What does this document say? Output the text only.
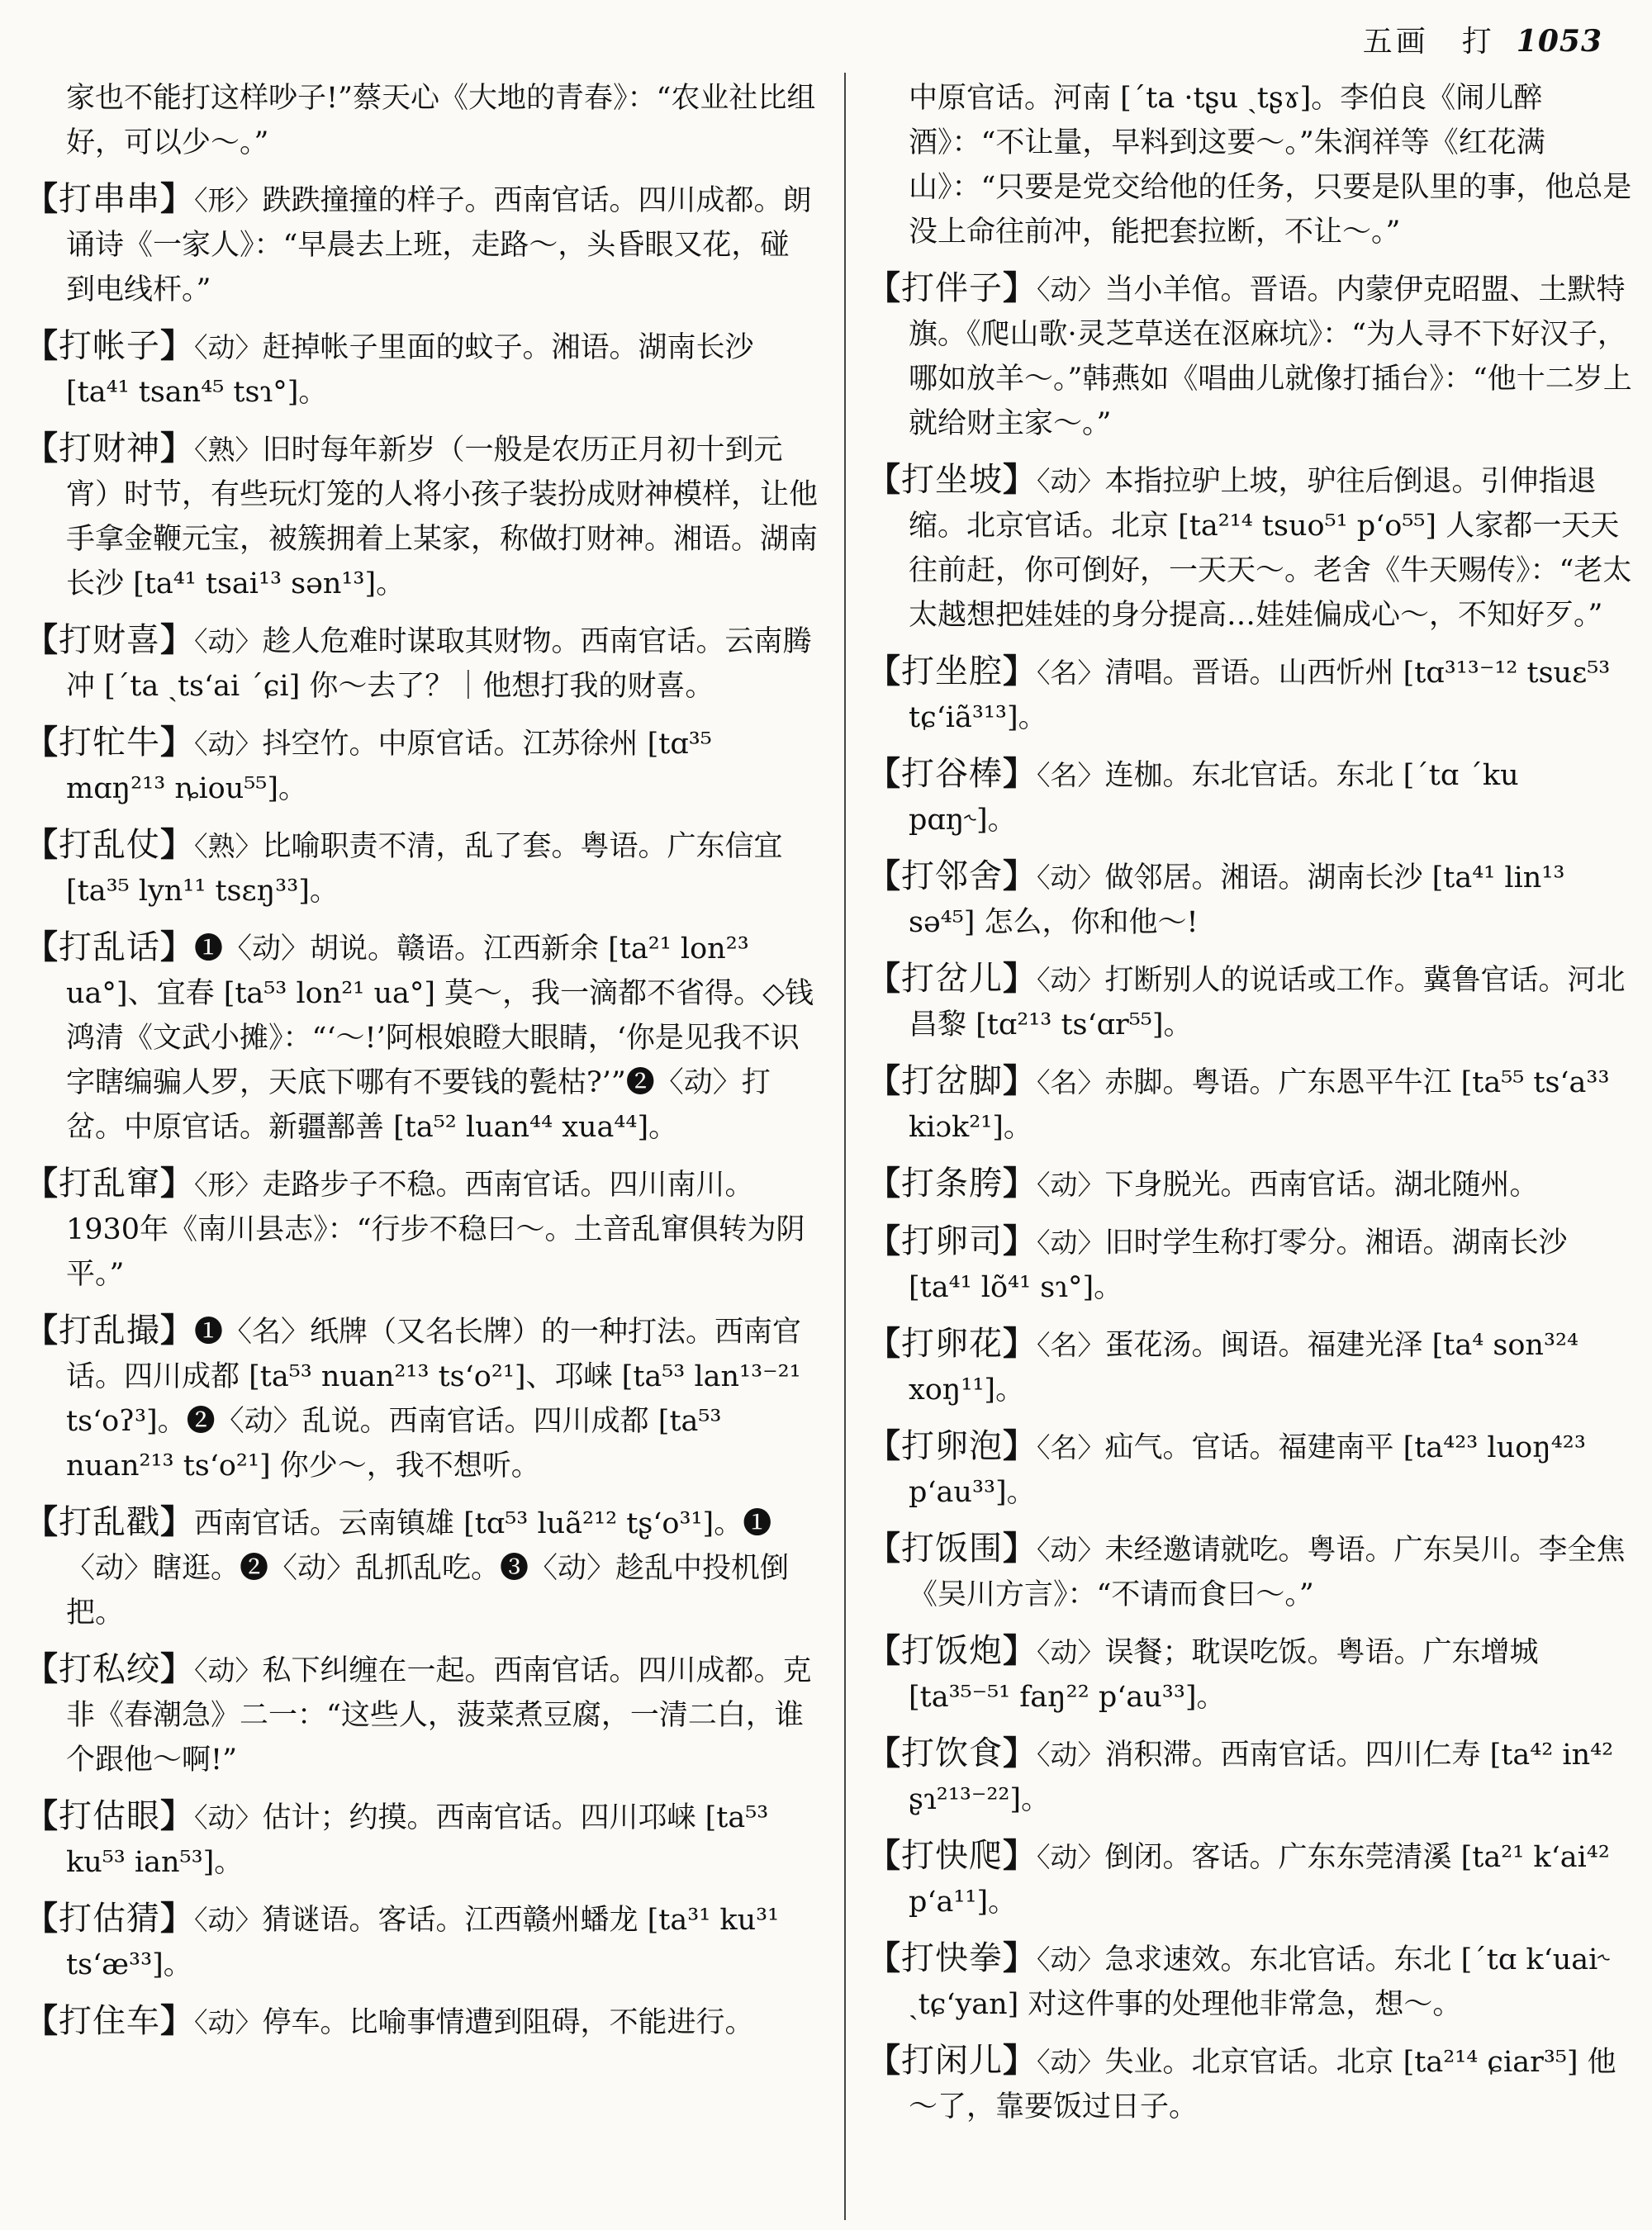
五画　打 1053
家也不能打这样吵子!”蔡天心《大地的青春》：“农业社比组好，可以少～。”
【打串串】〈形〉跌跌撞撞的样子。西南官话。四川成都。朗诵诗《一家人》：“早晨去上班，走路～，头昏眼又花，碰到电线杆。”
【打帐子】〈动〉赶掉帐子里面的蚊子。湘语。湖南长沙 [ta⁴¹ tsan⁴⁵ tsɿ°]。
【打财神】〈熟〉旧时每年新岁（一般是农历正月初十到元宵）时节，有些玩灯笼的人将小孩子装扮成财神模样，让他手拿金鞭元宝，被簇拥着上某家，称做打财神。湘语。湖南长沙 [ta⁴¹ tsai¹³ sən¹³]。
【打财喜】〈动〉趁人危难时谋取其财物。西南官话。云南腾冲 [ˊta ˏtsʻai ˊɕi] 你～去了？｜他想打我的财喜。
【打牤牛】〈动〉抖空竹。中原官话。江苏徐州 [tɑ³⁵ mɑŋ²¹³ ȵiou⁵⁵]。
【打乱仗】〈熟〉比喻职责不清，乱了套。粤语。广东信宜 [ta³⁵ lyn¹¹ tsɛŋ³³]。
【打乱话】❶〈动〉胡说。赣语。江西新余 [ta²¹ lon²³ ua°]、宜春 [ta⁵³ lon²¹ ua°] 莫～，我一滴都不省得。◇钱鸿清《文武小摊》：“‘～!’阿根娘瞪大眼睛，‘你是见我不识字瞎编骗人罗，天底下哪有不要钱的甏枯?’”❷〈动〉打岔。中原官话。新疆鄯善 [ta⁵² luan⁴⁴ xua⁴⁴]。
【打乱窜】〈形〉走路步子不稳。西南官话。四川南川。1930年《南川县志》：“行步不稳曰～。土音乱窜俱转为阴平。”
【打乱撮】❶〈名〉纸牌（又名长牌）的一种打法。西南官话。四川成都 [ta⁵³ nuan²¹³ tsʻo²¹]、邛崃 [ta⁵³ lan¹³⁻²¹ tsʻoʔ³]。❷〈动〉乱说。西南官话。四川成都 [ta⁵³ nuan²¹³ tsʻo²¹] 你少～，我不想听。
【打乱戳】西南官话。云南镇雄 [tɑ⁵³ luã²¹² tʂʻo³¹]。❶〈动〉瞎逛。❷〈动〉乱抓乱吃。❸〈动〉趁乱中投机倒把。
【打私绞】〈动〉私下纠缠在一起。西南官话。四川成都。克非《春潮急》二一：“这些人，菠菜煮豆腐，一清二白，谁个跟他～啊!”
【打估眼】〈动〉估计；约摸。西南官话。四川邛崃 [ta⁵³ ku⁵³ ian⁵³]。
【打估猜】〈动〉猜谜语。客话。江西赣州蟠龙 [ta³¹ ku³¹ tsʻæ³³]。
【打住车】〈动〉停车。比喻事情遭到阻碍，不能进行。
中原官话。河南 [ˊta ·tʂu ˏtʂɤ]。李伯良《闹儿醉酒》：“不让量，早料到这要～。”朱润祥等《红花满山》：“只要是党交给他的任务，只要是队里的事，他总是没上命往前冲，能把套拉断，不让～。”
【打伴子】〈动〉当小羊倌。晋语。内蒙伊克昭盟、土默特旗。《爬山歌·灵芝草送在沤麻坑》：“为人寻不下好汉子，哪如放羊～。”韩燕如《唱曲儿就像打插台》：“他十二岁上就给财主家～。”
【打坐坡】〈动〉本指拉驴上坡，驴往后倒退。引伸指退缩。北京官话。北京 [ta²¹⁴ tsuo⁵¹ pʻo⁵⁵] 人家都一天天往前赶，你可倒好，一天天～。老舍《牛天赐传》：“老太太越想把娃娃的身分提高…娃娃偏成心～，不知好歹。”
【打坐腔】〈名〉清唱。晋语。山西忻州 [tɑ³¹³⁻¹² tsuɛ⁵³ tɕʻiã³¹³]。
【打谷棒】〈名〉连枷。东北官话。东北 [ˊtɑ ˊku pɑŋ˞]。
【打邻舍】〈动〉做邻居。湘语。湖南长沙 [ta⁴¹ lin¹³ sə⁴⁵] 怎么，你和他～!
【打岔儿】〈动〉打断别人的说话或工作。冀鲁官话。河北昌黎 [tɑ²¹³ tsʻɑr⁵⁵]。
【打岔脚】〈名〉赤脚。粤语。广东恩平牛江 [ta⁵⁵ tsʻa³³ kiɔk²¹]。
【打条胯】〈动〉下身脱光。西南官话。湖北随州。
【打卵司】〈动〉旧时学生称打零分。湘语。湖南长沙 [ta⁴¹ lõ⁴¹ sɿ°]。
【打卵花】〈名〉蛋花汤。闽语。福建光泽 [ta⁴ son³²⁴ xoŋ¹¹]。
【打卵泡】〈名〉疝气。官话。福建南平 [ta⁴²³ luoŋ⁴²³ pʻau³³]。
【打饭围】〈动〉未经邀请就吃。粤语。广东吴川。李全焦《吴川方言》：“不请而食曰～。”
【打饭炮】〈动〉误餐；耽误吃饭。粤语。广东增城 [ta³⁵⁻⁵¹ faŋ²² pʻau³³]。
【打饮食】〈动〉消积滞。西南官话。四川仁寿 [ta⁴² in⁴² ʂɿ²¹³⁻²²]。
【打快爬】〈动〉倒闭。客话。广东东莞清溪 [ta²¹ kʻai⁴² pʻa¹¹]。
【打快拳】〈动〉急求速效。东北官话。东北 [ˊtɑ kʻuai˞ ˏtɕʻyan] 对这件事的处理他非常急，想～。
【打闲儿】〈动〉失业。北京官话。北京 [ta²¹⁴ ɕiar³⁵] 他～了，靠要饭过日子。
